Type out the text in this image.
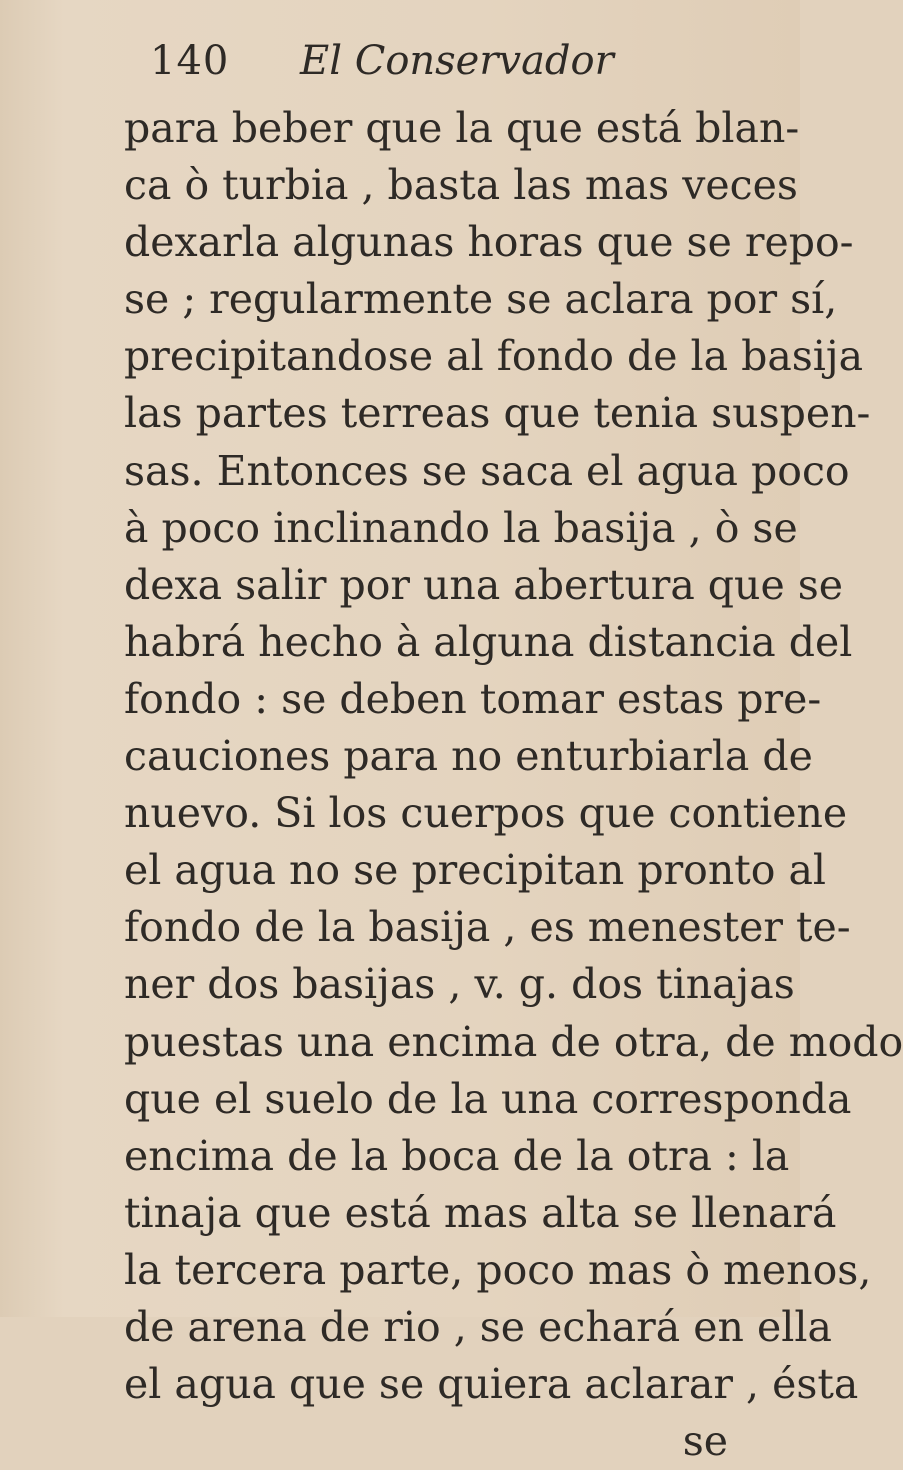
140	El Conservador
para beber que la que está blan-
ca ò turbia , basta las mas veces
dexarla algunas horas que se repo-
se ; regularmente se aclara por sí,
precipitandose al fondo de la basija
las partes terreas que tenia suspen-
sas. Entonces se saca el agua poco
à poco inclinando la basija , ò se
dexa salir por una abertura que se
habrá hecho à alguna distancia del
fondo : se deben tomar estas pre-
cauciones para no enturbiarla de
nuevo. Si los cuerpos que contiene
el agua no se precipitan pronto al
fondo de la basija , es menester te-
ner dos basijas , v. g. dos tinajas
puestas una encima de otra, de modo
que el suelo de la una corresponda
encima de la boca de la otra : la
tinaja que está mas alta se llenará
la tercera parte, poco mas ò menos,
de arena de rio , se echará en ella
el agua que se quiera aclarar , ésta
se
